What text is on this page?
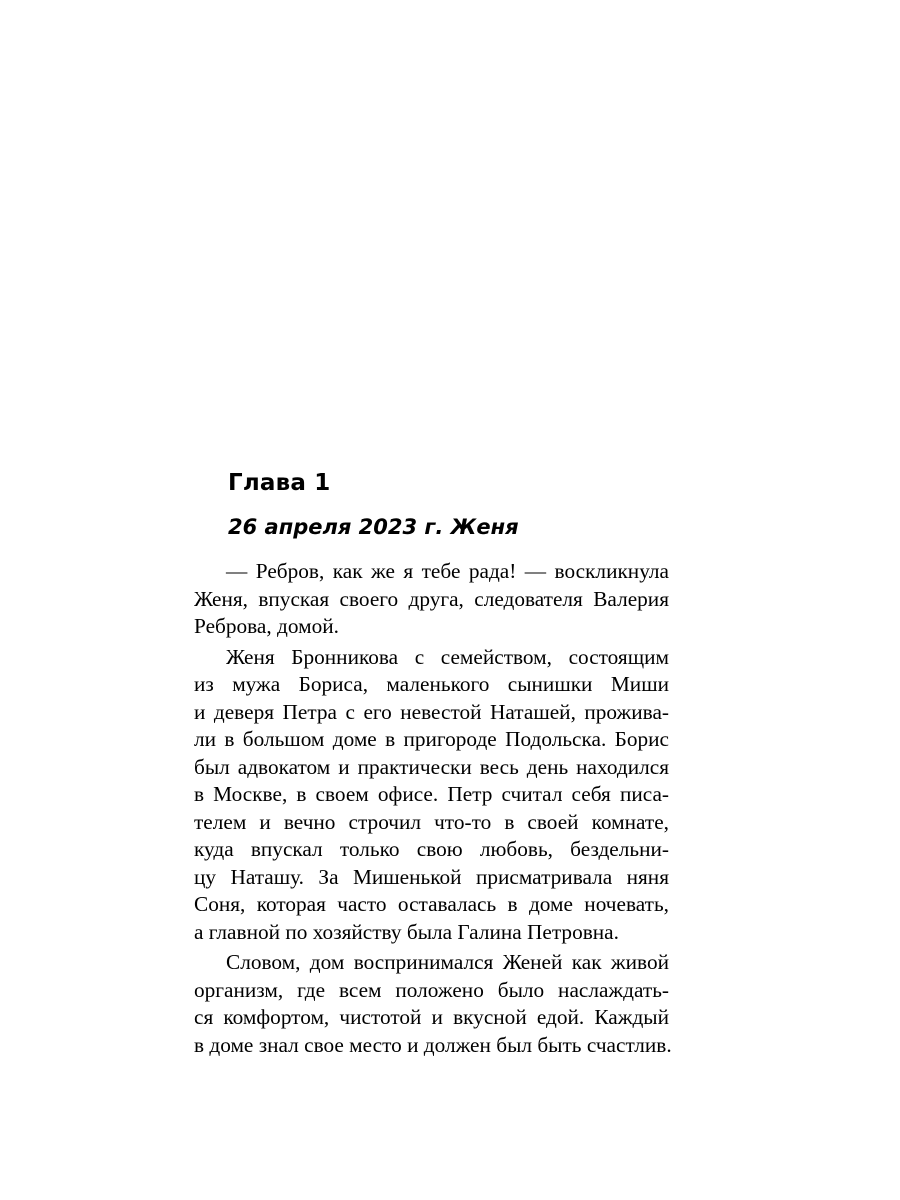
Глава 1
26 апреля 2023 г. Женя
— Ребров, как же я тебе рада! — воскликнула
Женя, впуская своего друга, следователя Валерия
Реброва, домой.
Женя Бронникова с семейством, состоящим
из мужа Бориса, маленького сынишки Миши
и деверя Петра с его невестой Наташей, прожива-
ли в большом доме в пригороде Подольска. Борис
был адвокатом и практически весь день находился
в Москве, в своем офисе. Петр считал себя писа-
телем и вечно строчил что-то в своей комнате,
куда впускал только свою любовь, бездельни-
цу Наташу. За Мишенькой присматривала няня
Соня, которая часто оставалась в доме ночевать,
а главной по хозяйству была Галина Петровна.
Словом, дом воспринимался Женей как живой
организм, где всем положено было наслаждать-
ся комфортом, чистотой и вкусной едой. Каждый
в доме знал свое место и должен был быть счастлив.
